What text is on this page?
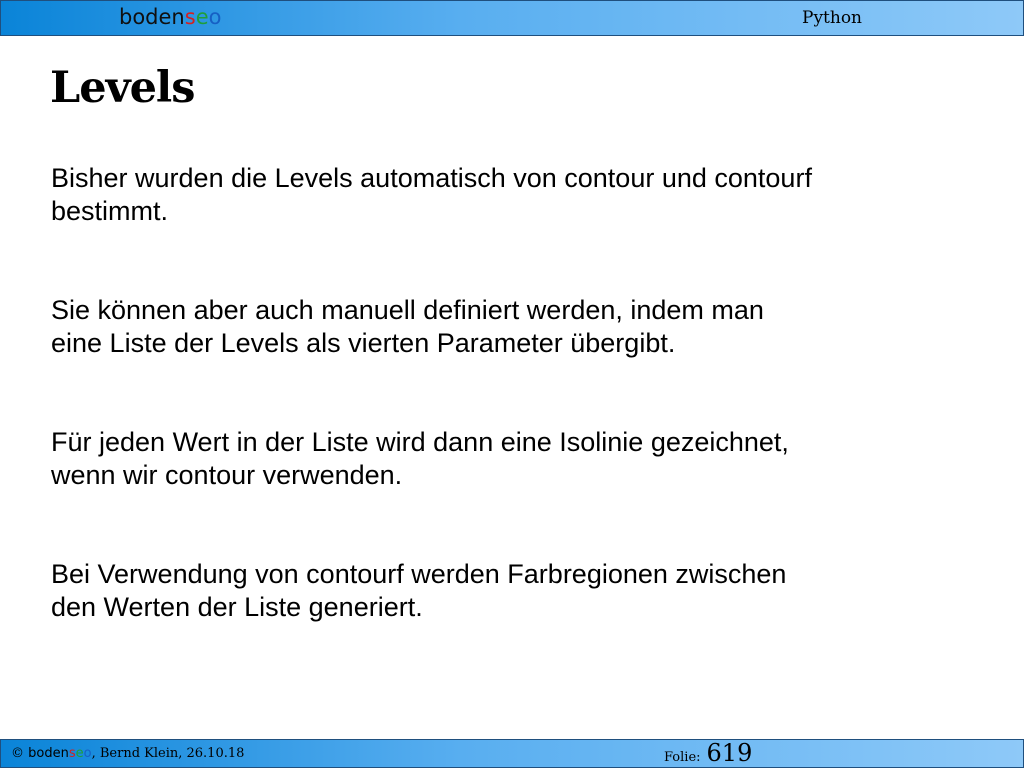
bodenseo	Python
Levels

Bisher wurden die Levels automatisch von contour und contourf
bestimmt.

Sie können aber auch manuell definiert werden, indem man
eine Liste der Levels als vierten Parameter übergibt.

Für jeden Wert in der Liste wird dann eine Isolinie gezeichnet,
wenn wir contour verwenden.

Bei Verwendung von contourf werden Farbregionen zwischen
den Werten der Liste generiert.

© bodenseo, Bernd Klein, 26.10.18	Folie: 619
